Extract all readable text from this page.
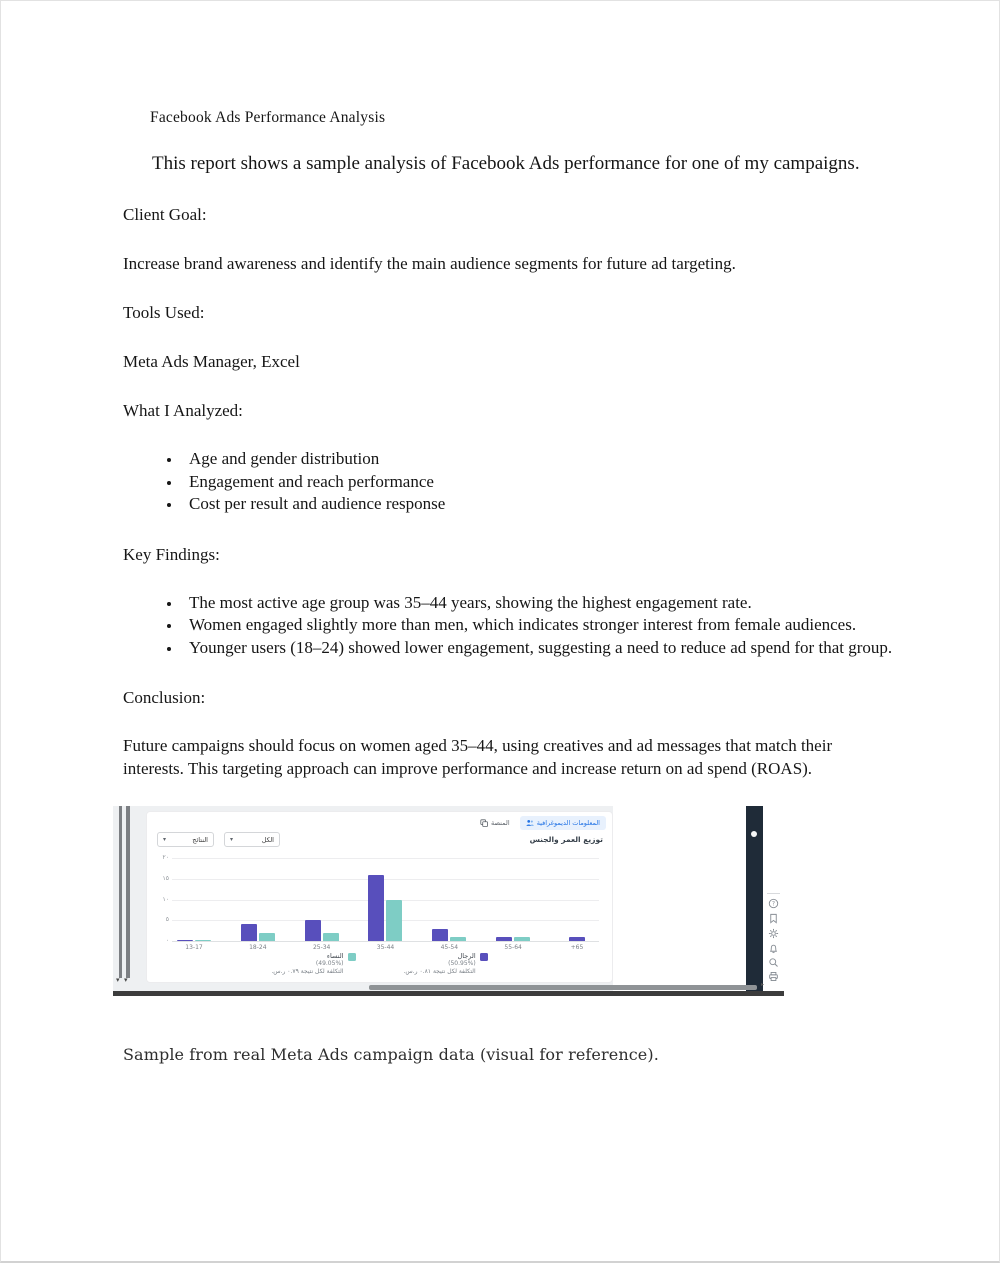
Facebook Ads Performance Analysis

This report shows a sample analysis of Facebook Ads performance for one of my campaigns.

Client Goal:
Increase brand awareness and identify the main audience segments for future ad targeting.
Tools Used:
Meta Ads Manager, Excel
What I Analyzed:
• Age and gender distribution
• Engagement and reach performance
• Cost per result and audience response
Key Findings:
• The most active age group was 35–44 years, showing the highest engagement rate.
• Women engaged slightly more than men, which indicates stronger interest from female audiences.
• Younger users (18–24) showed lower engagement, suggesting a need to reduce ad spend for that group.
Conclusion:
Future campaigns should focus on women aged 35–44, using creatives and ad messages that match their interests. This targeting approach can improve performance and increase return on ad spend (ROAS).
▾ ▾
المعلومات الديموغرافية
المنصة
توزيع العمر والجنس
▾	النتائج	▾	الكل
٢٠
١٥
١٠
٥
٠
13-17	18-24	25-34	35-44	45-54	55-64	+65
النساء
(49.05%)
التكلفة لكل نتيجة ٠.٧٩ ر.س.
الرجال
(50.95%)
التكلفة لكل نتيجة ٠.٨١ ر.س.
?
▸
Sample from real Meta Ads campaign data (visual for reference).
